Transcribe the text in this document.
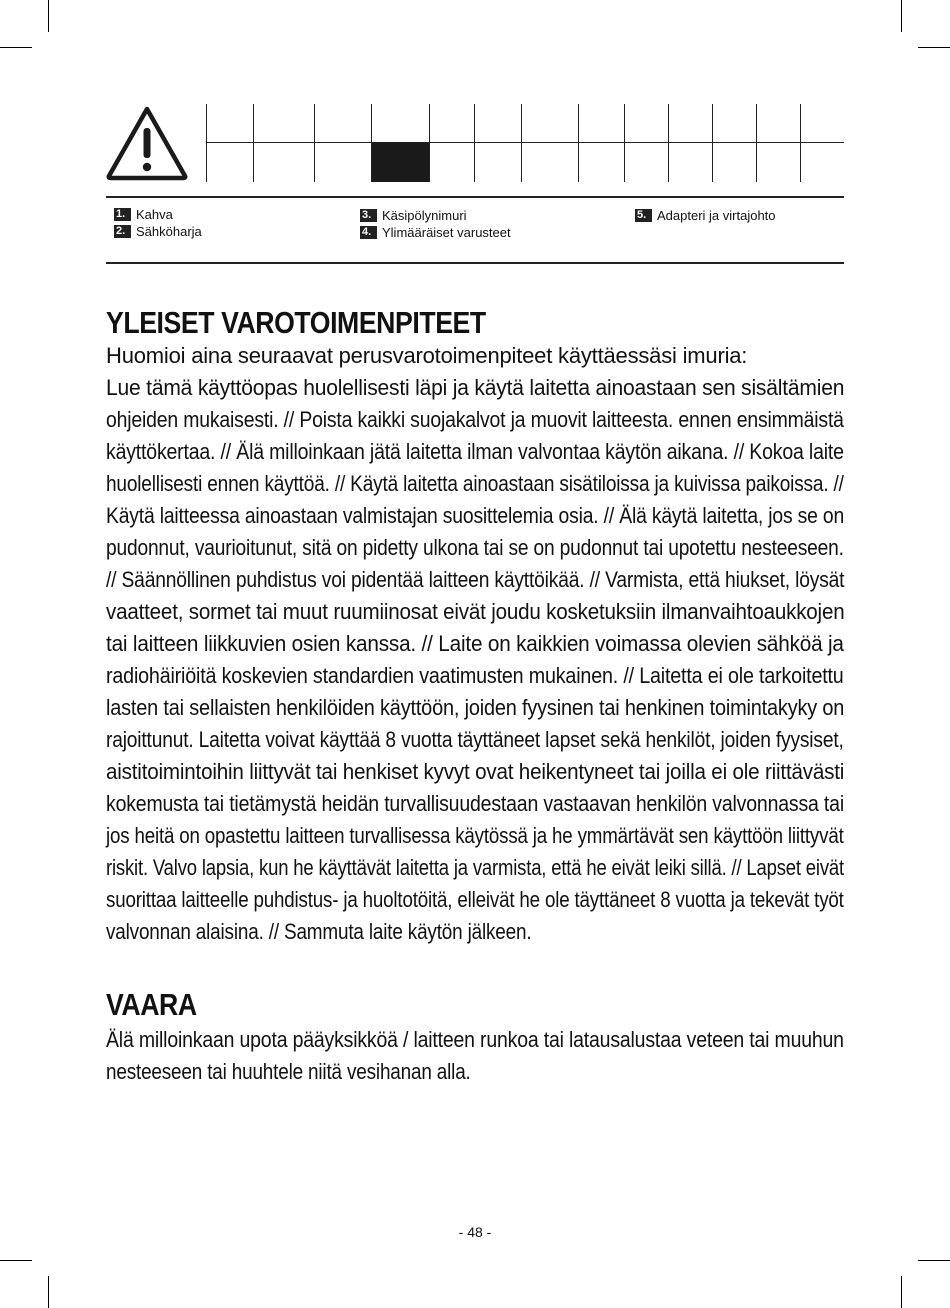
1. Kahva
2. Sähköharja
3. Käsipölynimuri
4. Ylimääräiset varusteet
5. Adapteri ja virtajohto
YLEISET VAROTOIMENPITEET
Huomioi aina seuraavat perusvarotoimenpiteet käyttäessäsi imuria:
Lue tämä käyttöopas huolellisesti läpi ja käytä laitetta ainoastaan sen sisältämien
ohjeiden mukaisesti. // Poista kaikki suojakalvot ja muovit laitteesta. ennen ensimmäistä
käyttökertaa. // Älä milloinkaan jätä laitetta ilman valvontaa käytön aikana. // Kokoa laite
huolellisesti ennen käyttöä. // Käytä laitetta ainoastaan sisätiloissa ja kuivissa paikoissa. //
Käytä laitteessa ainoastaan valmistajan suosittelemia osia. // Älä käytä laitetta, jos se on
pudonnut, vaurioitunut, sitä on pidetty ulkona tai se on pudonnut tai upotettu nesteeseen.
// Säännöllinen puhdistus voi pidentää laitteen käyttöikää. // Varmista, että hiukset, löysät
vaatteet, sormet tai muut ruumiinosat eivät joudu kosketuksiin ilmanvaihtoaukkojen
tai laitteen liikkuvien osien kanssa. // Laite on kaikkien voimassa olevien sähköä ja
radiohäiriöitä koskevien standardien vaatimusten mukainen. // Laitetta ei ole tarkoitettu
lasten tai sellaisten henkilöiden käyttöön, joiden fyysinen tai henkinen toimintakyky on
rajoittunut. Laitetta voivat käyttää 8 vuotta täyttäneet lapset sekä henkilöt, joiden fyysiset,
aistitoimintoihin liittyvät tai henkiset kyvyt ovat heikentyneet tai joilla ei ole riittävästi
kokemusta tai tietämystä heidän turvallisuudestaan vastaavan henkilön valvonnassa tai
jos heitä on opastettu laitteen turvallisessa käytössä ja he ymmärtävät sen käyttöön liittyvät
riskit. Valvo lapsia, kun he käyttävät laitetta ja varmista, että he eivät leiki sillä. // Lapset eivät
suorittaa laitteelle puhdistus- ja huoltotöitä, elleivät he ole täyttäneet 8 vuotta ja tekevät työt
valvonnan alaisina. // Sammuta laite käytön jälkeen.
VAARA
Älä milloinkaan upota pääyksikköä / laitteen runkoa tai latausalustaa veteen tai muuhun
nesteeseen tai huuhtele niitä vesihanan alla.
- 48 -
